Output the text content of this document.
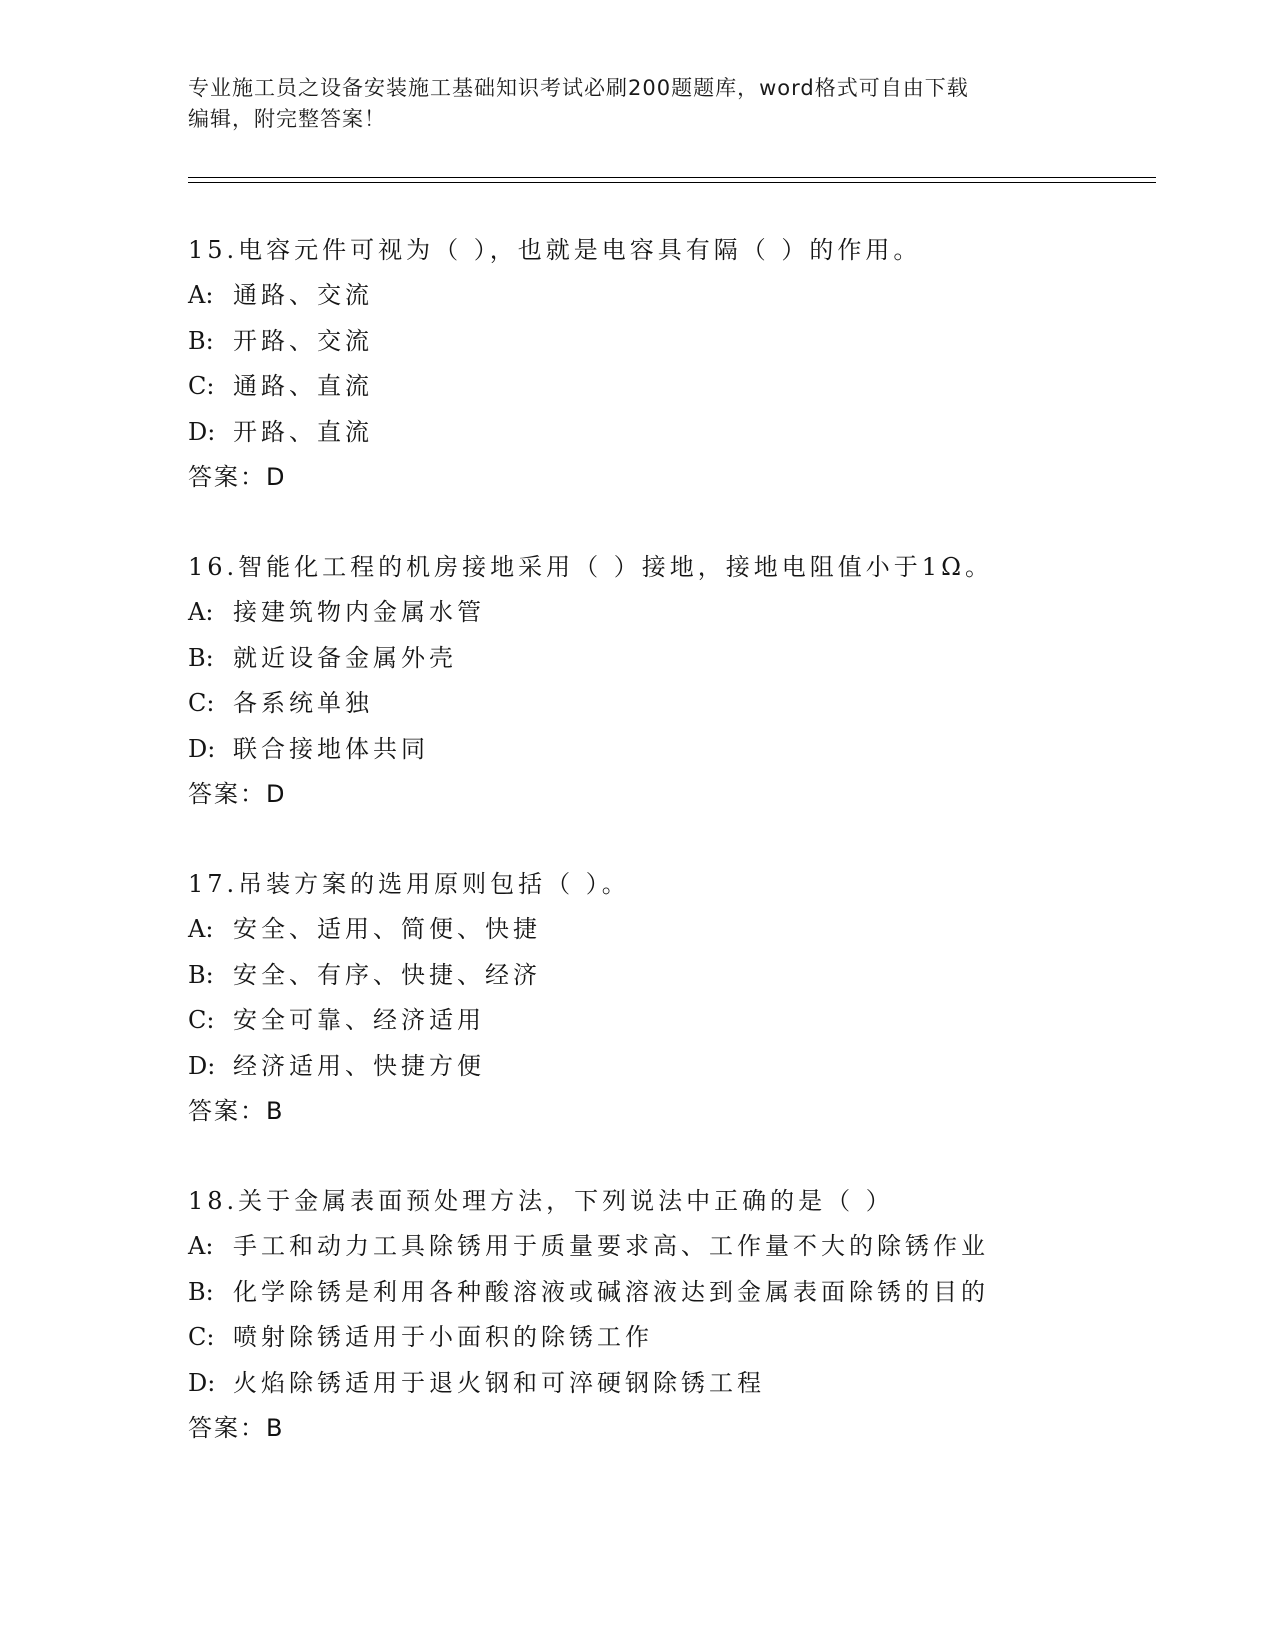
专业施工员之设备安装施工基础知识考试必刷200题题库，word格式可自由下载
编辑，附完整答案！
15.电容元件可视为（ ），也就是电容具有隔（ ）的作用。
A: 通路、交流
B: 开路、交流
C: 通路、直流
D: 开路、直流
答案：D
16.智能化工程的机房接地采用（ ）接地，接地电阻值小于1Ω。
A: 接建筑物内金属水管
B: 就近设备金属外壳
C: 各系统单独
D: 联合接地体共同
答案：D
17.吊装方案的选用原则包括（ ）。
A: 安全、适用、简便、快捷
B: 安全、有序、快捷、经济
C: 安全可靠、经济适用
D: 经济适用、快捷方便
答案：B
18.关于金属表面预处理方法，下列说法中正确的是（ ）
A: 手工和动力工具除锈用于质量要求高、工作量不大的除锈作业
B: 化学除锈是利用各种酸溶液或碱溶液达到金属表面除锈的目的
C: 喷射除锈适用于小面积的除锈工作
D: 火焰除锈适用于退火钢和可淬硬钢除锈工程
答案：B
